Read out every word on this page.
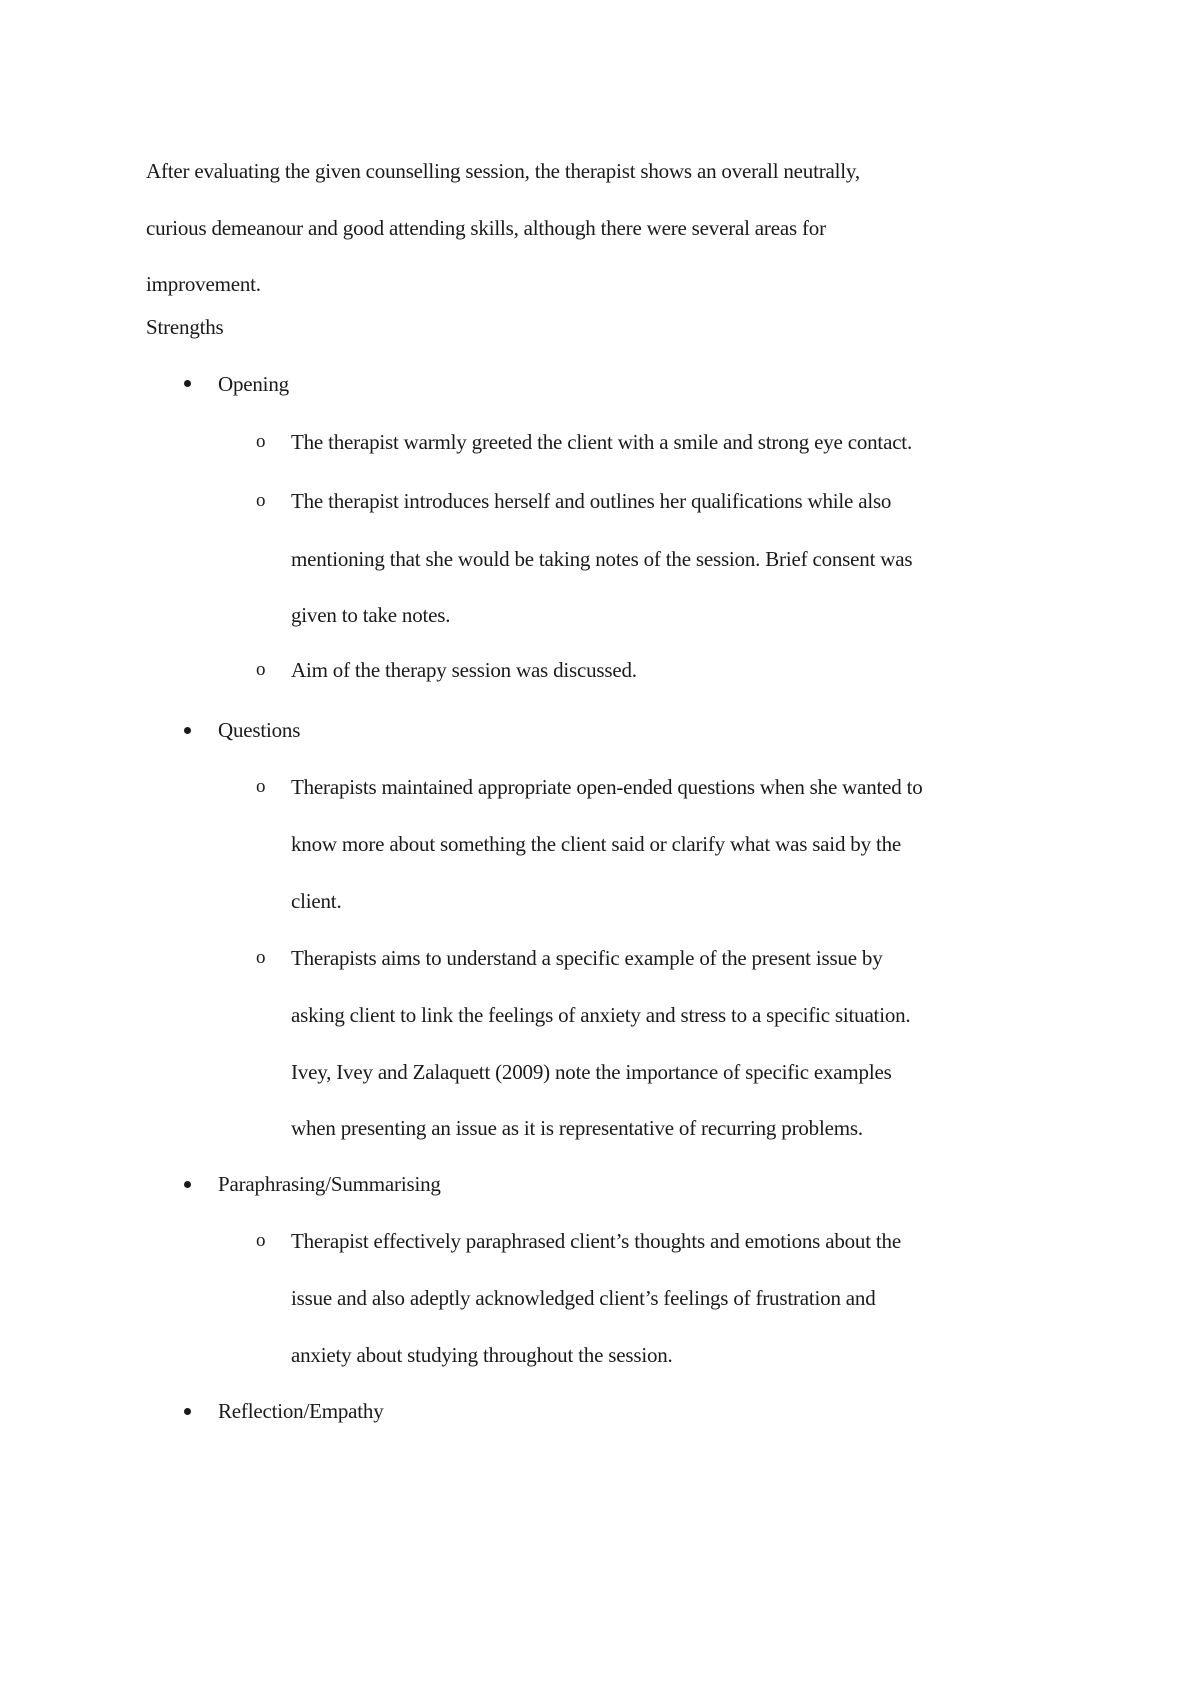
After evaluating the given counselling session, the therapist shows an overall neutrally,
curious demeanour and good attending skills, although there were several areas for
improvement.

Strengths

Opening

o The therapist warmly greeted the client with a smile and strong eye contact.

o The therapist introduces herself and outlines her qualifications while also

mentioning that she would be taking notes of the session. Brief consent was

given to take notes.

o Aim of the therapy session was discussed.

Questions

o Therapists maintained appropriate open-ended questions when she wanted to

know more about something the client said or clarify what was said by the

client.

o Therapists aims to understand a specific example of the present issue by

asking client to link the feelings of anxiety and stress to a specific situation.

Ivey, Ivey and Zalaquett (2009) note the importance of specific examples

when presenting an issue as it is representative of recurring problems.

Paraphrasing/Summarising

o Therapist effectively paraphrased client’s thoughts and emotions about the

issue and also adeptly acknowledged client’s feelings of frustration and

anxiety about studying throughout the session.

Reflection/Empathy
